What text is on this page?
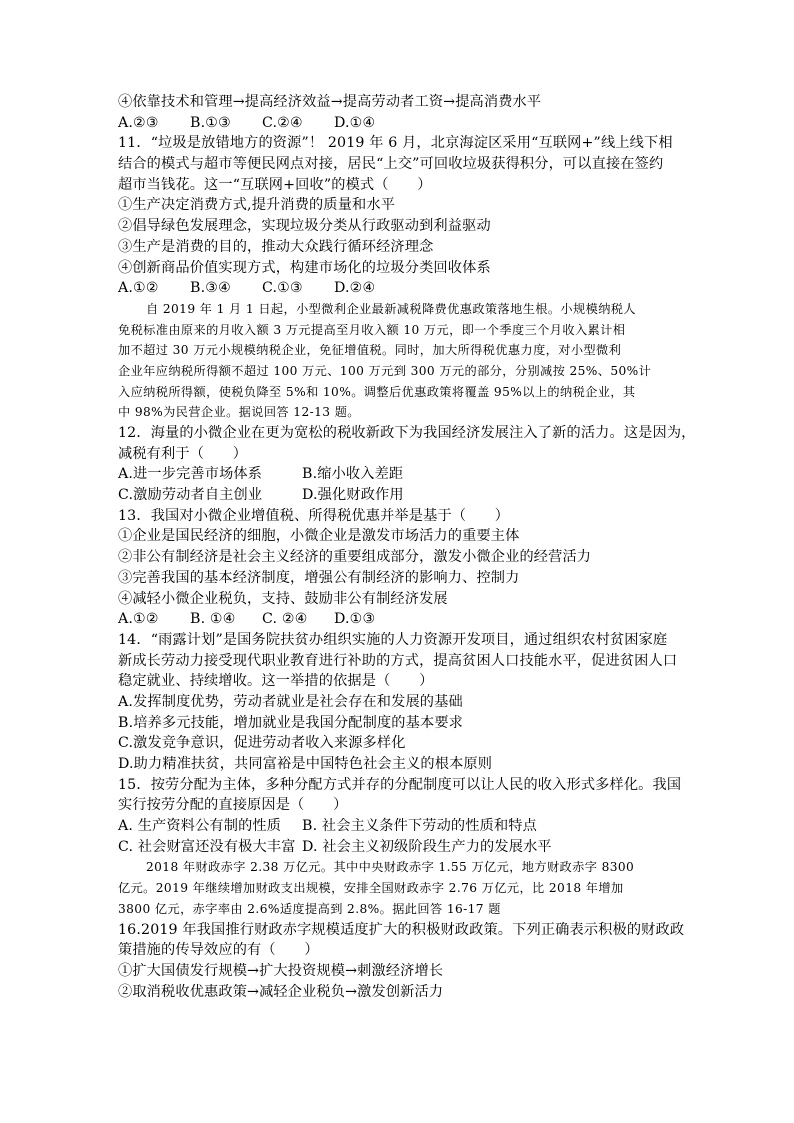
④依靠技术和管理→提高经济效益→提高劳动者工资→提高消费水平
A.②③	B.①③	C.②④	D.①④
11．“垃圾是放错地方的资源”！ 2019 年 6 月，北京海淀区采用“互联网+”线上线下相
结合的模式与超市等便民网点对接，居民“上交”可回收垃圾获得积分，可以直接在签约
超市当钱花。这一“互联网+回收”的模式（　　）
①生产决定消费方式,提升消费的质量和水平
②倡导绿色发展理念，实现垃圾分类从行政驱动到利益驱动
③生产是消费的目的，推动大众践行循环经济理念
④创新商品价值实现方式，构建市场化的垃圾分类回收体系
A.①②	B.③④	C.①③	D.②④
自 2019 年 1 月 1 日起，小型微利企业最新减税降费优惠政策落地生根。小规模纳税人
免税标准由原来的月收入额 3 万元提高至月收入额 10 万元，即一个季度三个月收入累计相
加不超过 30 万元小规模纳税企业，免征增值税。同时，加大所得税优惠力度，对小型微利
企业年应纳税所得额不超过 100 万元、100 万元到 300 万元的部分，分别减按 25%、50%计
入应纳税所得额，使税负降至 5%和 10%。调整后优惠政策将覆盖 95%以上的纳税企业，其
中 98%为民营企业。据说回答 12-13 题。
12．海量的小微企业在更为宽松的税收新政下为我国经济发展注入了新的活力。这是因为，
减税有利于（　　）
A.进一步完善市场体系	B.缩小收入差距
C.激励劳动者自主创业	D.强化财政作用
13．我国对小微企业增值税、所得税优惠并举是基于（　　）
①企业是国民经济的细胞，小微企业是激发市场活力的重要主体
②非公有制经济是社会主义经济的重要组成部分，激发小微企业的经营活力
③完善我国的基本经济制度，增强公有制经济的影响力、控制力
④减轻小微企业税负，支持、鼓励非公有制经济发展
A.①②	B. ①④	C. ②④	D.①③
14．“雨露计划”是国务院扶贫办组织实施的人力资源开发项目，通过组织农村贫困家庭
新成长劳动力接受现代职业教育进行补助的方式，提高贫困人口技能水平，促进贫困人口
稳定就业、持续增收。这一举措的依据是（　　）
A.发挥制度优势，劳动者就业是社会存在和发展的基础
B.培养多元技能，增加就业是我国分配制度的基本要求
C.激发竞争意识，促进劳动者收入来源多样化
D.助力精准扶贫，共同富裕是中国特色社会主义的根本原则
15．按劳分配为主体，多种分配方式并存的分配制度可以让人民的收入形式多样化。我国
实行按劳分配的直接原因是（　　）
A. 生产资料公有制的性质	B. 社会主义条件下劳动的性质和特点
C. 社会财富还没有极大丰富 D. 社会主义初级阶段生产力的发展水平
2018 年财政赤字 2.38 万亿元。其中中央财政赤字 1.55 万亿元，地方财政赤字 8300
亿元。2019 年继续增加财政支出规模，安排全国财政赤字 2.76 万亿元，比 2018 年增加
3800 亿元，赤字率由 2.6%适度提高到 2.8%。据此回答 16-17 题
16.2019 年我国推行财政赤字规模适度扩大的积极财政政策。下列正确表示积极的财政政
策措施的传导效应的有（　　）
①扩大国债发行规模→扩大投资规模→刺激经济增长
②取消税收优惠政策→减轻企业税负→激发创新活力
